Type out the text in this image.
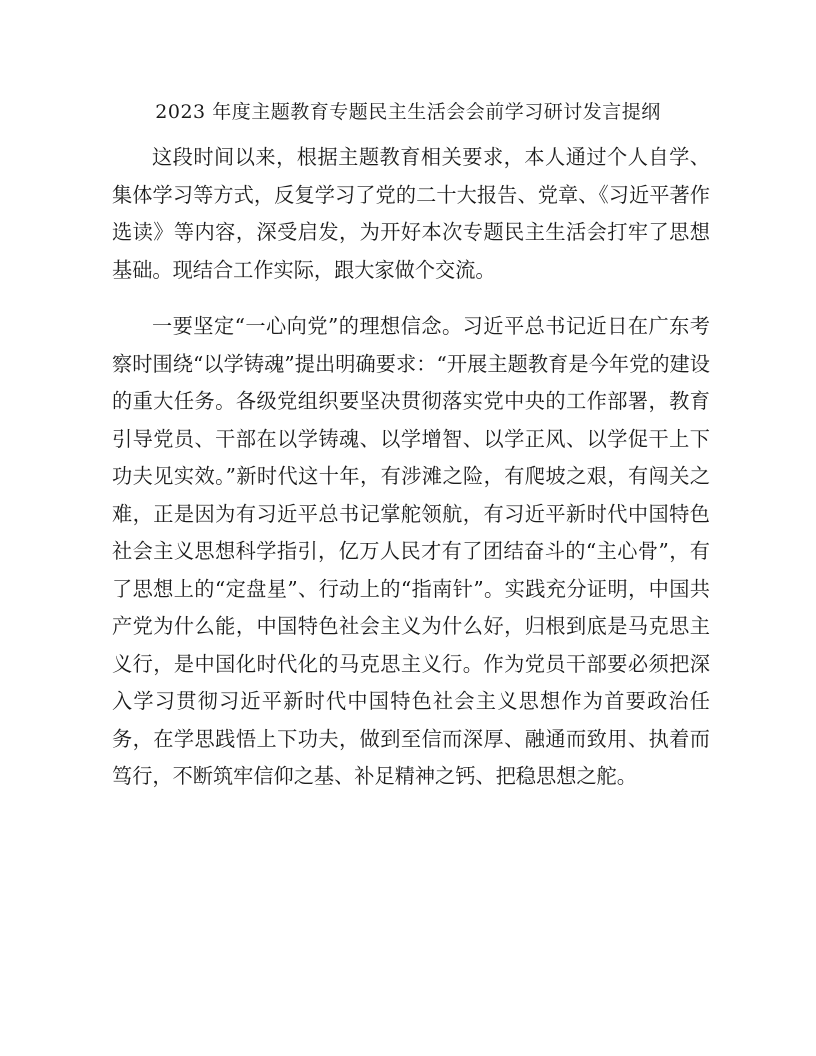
2023 年度主题教育专题民主生活会会前学习研讨发言提纲

这段时间以来，根据主题教育相关要求，本人通过个人自学、集体学习等方式，反复学习了党的二十大报告、党章、《习近平著作选读》等内容，深受启发，为开好本次专题民主生活会打牢了思想基础。现结合工作实际，跟大家做个交流。

一要坚定“一心向党”的理想信念。习近平总书记近日在广东考察时围绕“以学铸魂”提出明确要求：“开展主题教育是今年党的建设的重大任务。各级党组织要坚决贯彻落实党中央的工作部署，教育引导党员、干部在以学铸魂、以学增智、以学正风、以学促干上下功夫见实效。”新时代这十年，有涉滩之险，有爬坡之艰，有闯关之难，正是因为有习近平总书记掌舵领航，有习近平新时代中国特色社会主义思想科学指引，亿万人民才有了团结奋斗的“主心骨”，有了思想上的“定盘星”、行动上的“指南针”。实践充分证明，中国共产党为什么能，中国特色社会主义为什么好，归根到底是马克思主义行，是中国化时代化的马克思主义行。作为党员干部要必须把深入学习贯彻习近平新时代中国特色社会主义思想作为首要政治任务，在学思践悟上下功夫，做到至信而深厚、融通而致用、执着而笃行，不断筑牢信仰之基、补足精神之钙、把稳思想之舵。
